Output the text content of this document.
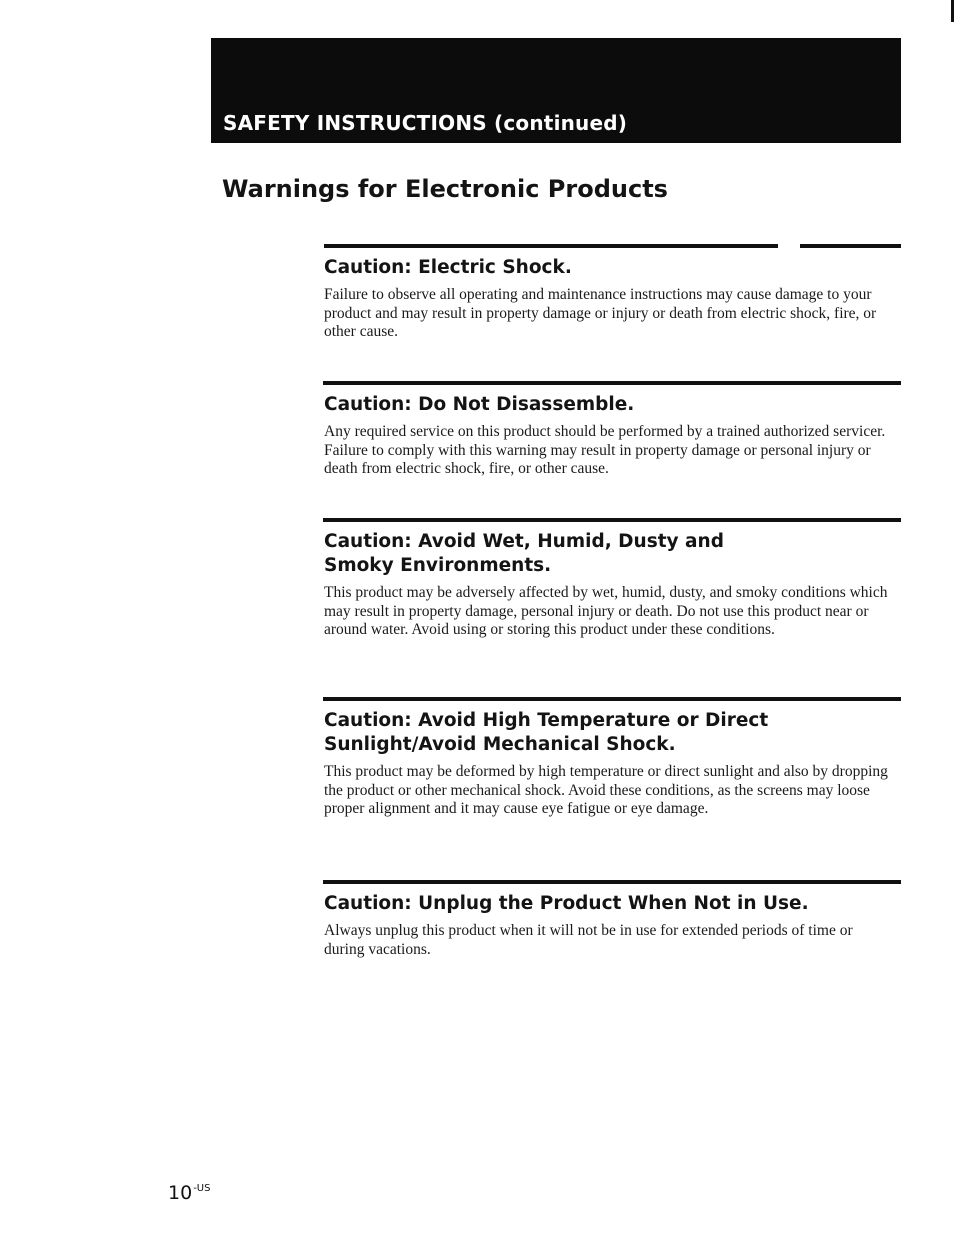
SAFETY INSTRUCTIONS (continued)
Warnings for Electronic Products
Caution: Electric Shock.

Failure to observe all operating and maintenance instructions may cause damage to your product and may result in property damage or injury or death from electric shock, fire, or other cause.

Caution: Do Not Disassemble.

Any required service on this product should be performed by a trained authorized servicer. Failure to comply with this warning may result in property damage or personal injury or death from electric shock, fire, or other cause.

Caution: Avoid Wet, Humid, Dusty and Smoky Environments.

This product may be adversely affected by wet, humid, dusty, and smoky conditions which may result in property damage, personal injury or death. Do not use this product near or around water. Avoid using or storing this product under these conditions.

Caution: Avoid High Temperature or Direct Sunlight/Avoid Mechanical Shock.

This product may be deformed by high temperature or direct sunlight and also by dropping the product or other mechanical shock. Avoid these conditions, as the screens may loose proper alignment and it may cause eye fatigue or eye damage.

Caution: Unplug the Product When Not in Use.

Always unplug this product when it will not be in use for extended periods of time or during vacations.

$10^{-US}$
